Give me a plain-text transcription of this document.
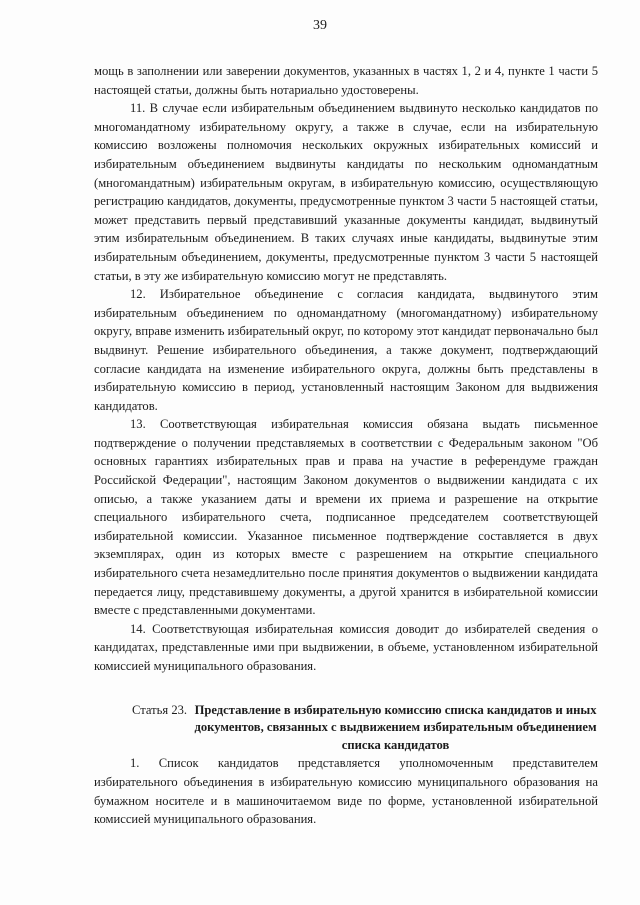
39

мощь в заполнении или заверении документов, указанных в частях 1, 2 и 4, пункте 1 части 5 настоящей статьи, должны быть нотариально удостоверены.

11. В случае если избирательным объединением выдвинуто несколько кандидатов по многомандатному избирательному округу, а также в случае, если на избирательную комиссию возложены полномочия нескольких окружных избирательных комиссий и избирательным объединением выдвинуты кандидаты по нескольким одномандатным (многомандатным) избирательным округам, в избирательную комиссию, осуществляющую регистрацию кандидатов, документы, предусмотренные пунктом 3 части 5 настоящей статьи, может представить первый представивший указанные документы кандидат, выдвинутый этим избирательным объединением. В таких случаях иные кандидаты, выдвинутые этим избирательным объединением, документы, предусмотренные пунктом 3 части 5 настоящей статьи, в эту же избирательную комиссию могут не представлять.

12. Избирательное объединение с согласия кандидата, выдвинутого этим избирательным объединением по одномандатному (многомандатному) избирательному округу, вправе изменить избирательный округ, по которому этот кандидат первоначально был выдвинут. Решение избирательного объединения, а также документ, подтверждающий согласие кандидата на изменение избирательного округа, должны быть представлены в избирательную комиссию в период, установленный настоящим Законом для выдвижения кандидатов.

13. Соответствующая избирательная комиссия обязана выдать письменное подтверждение о получении представляемых в соответствии с Федеральным законом "Об основных гарантиях избирательных прав и права на участие в референдуме граждан Российской Федерации", настоящим Законом документов о выдвижении кандидата с их описью, а также указанием даты и времени их приема и разрешение на открытие специального избирательного счета, подписанное председателем соответствующей избирательной комиссии. Указанное письменное подтверждение составляется в двух экземплярах, один из которых вместе с разрешением на открытие специального избирательного счета незамедлительно после принятия документов о выдвижении кандидата передается лицу, представившему документы, а другой хранится в избирательной комиссии вместе с представленными документами.

14. Соответствующая избирательная комиссия доводит до избирателей сведения о кандидатах, представленные ими при выдвижении, в объеме, установленном избирательной комиссией муниципального образования.

Статья 23. Представление в избирательную комиссию списка кандидатов и иных документов, связанных с выдвижением избирательным объединением списка кандидатов

1. Список кандидатов представляется уполномоченным представителем избирательного объединения в избирательную комиссию муниципального образования на бумажном носителе и в машиночитаемом виде по форме, установленной избирательной комиссией муниципального образования.
